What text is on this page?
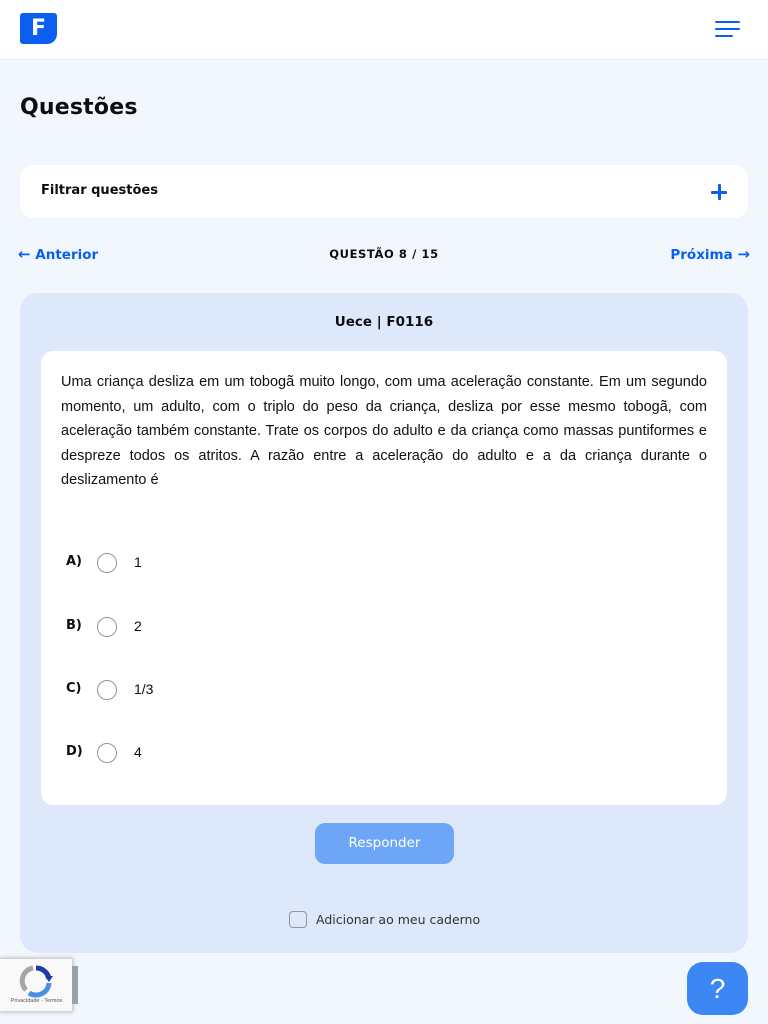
F
Questões
Filtrar questões
← Anterior	QUESTÃO 8 / 15	Próxima →
Uece | F0116

Uma criança desliza em um tobogã muito longo, com uma aceleração constante. Em um segundo momento, um adulto, com o triplo do peso da criança, desliza por esse mesmo tobogã, com aceleração também constante. Trate os corpos do adulto e da criança como massas puntiformes e despreze todos os atritos. A razão entre a aceleração do adulto e a da criança durante o deslizamento é

A)	1
B)	2
C)	1/3
D)	4
Responder
Adicionar ao meu caderno
Privacidade - Termos	?
